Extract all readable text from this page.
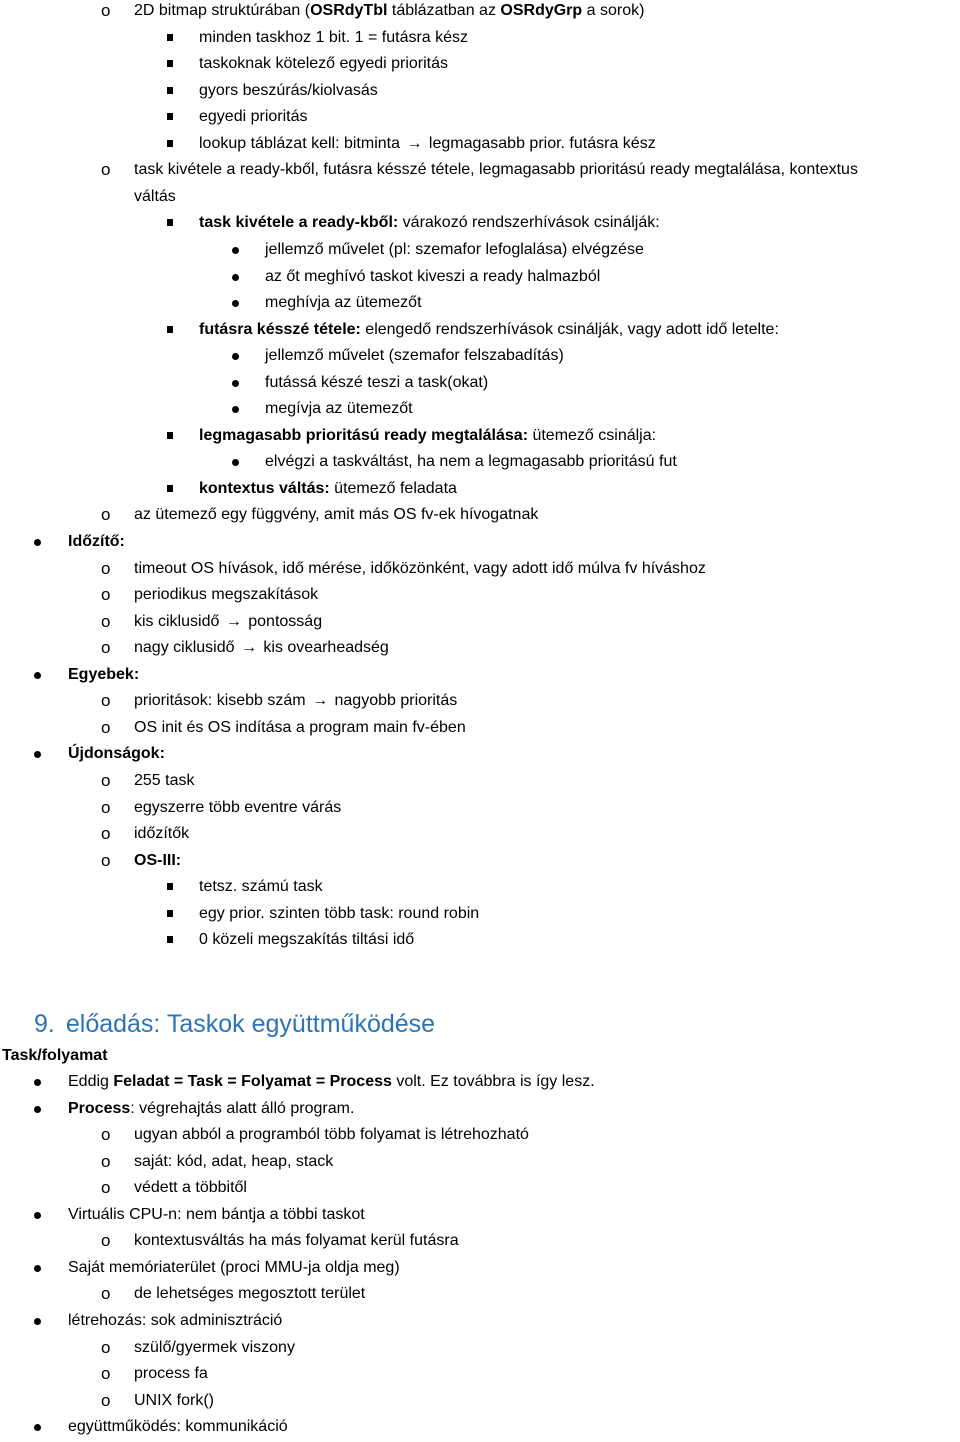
o 2D bitmap struktúrában (OSRdyTbl táblázatban az OSRdyGrp a sorok)
minden taskhoz 1 bit. 1 = futásra kész
taskoknak kötelező egyedi prioritás
gyors beszúrás/kiolvasás
egyedi prioritás
lookup táblázat kell: bitminta → legmagasabb prior. futásra kész
o task kivétele a ready-kből, futásra késszé tétele, legmagasabb prioritású ready megtalálása, kontextus
váltás
task kivétele a ready-kből: várakozó rendszerhívások csinálják:
jellemző művelet (pl: szemafor lefoglalása) elvégzése
az őt meghívó taskot kiveszi a ready halmazból
meghívja az ütemezőt
futásra késszé tétele: elengedő rendszerhívások csinálják, vagy adott idő letelte:
jellemző művelet (szemafor felszabadítás)
futássá készé teszi a task(okat)
megívja az ütemezőt
legmagasabb prioritású ready megtalálása: ütemező csinálja:
elvégzi a taskváltást, ha nem a legmagasabb prioritású fut
kontextus váltás: ütemező feladata
o az ütemező egy függvény, amit más OS fv-ek hívogatnak
Időzítő:
o timeout OS hívások, idő mérése, időközönként, vagy adott idő múlva fv híváshoz
o periodikus megszakítások
o kis ciklusidő → pontosság
o nagy ciklusidő → kis ovearheadség
Egyebek:
o prioritások: kisebb szám → nagyobb prioritás
o OS init és OS indítása a program main fv-ében
Újdonságok:
o 255 task
o egyszerre több eventre várás
o időzítők
o OS-III:
tetsz. számú task
egy prior. szinten több task: round robin
0 közeli megszakítás tiltási idő
9. előadás: Taskok együttműködése
Task/folyamat
Eddig Feladat = Task = Folyamat = Process volt. Ez továbbra is így lesz.
Process: végrehajtás alatt álló program.
o ugyan abból a programból több folyamat is létrehozható
o saját: kód, adat, heap, stack
o védett a többitől
Virtuális CPU-n: nem bántja a többi taskot
o kontextusváltás ha más folyamat kerül futásra
Saját memóriaterület (proci MMU-ja oldja meg)
o de lehetséges megosztott terület
létrehozás: sok adminisztráció
o szülő/gyermek viszony
o process fa
o UNIX fork()
együttműködés: kommunikáció
